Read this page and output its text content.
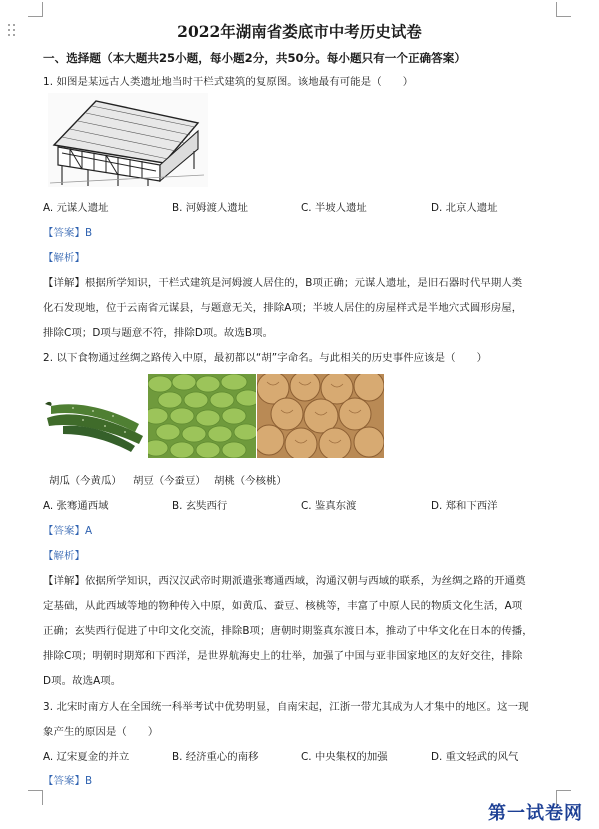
2022年湖南省娄底市中考历史试卷
一、选择题（本大题共25小题，每小题2分，共50分。每小题只有一个正确答案）
1. 如图是某远古人类遗址地当时干栏式建筑的复原图。该地最有可能是（　　）
A. 元谋人遗址	B. 河姆渡人遗址	C. 半坡人遗址	D. 北京人遗址
【答案】B
【解析】
【详解】根据所学知识，干栏式建筑是河姆渡人居住的，B项正确；元谋人遗址，是旧石器时代早期人类
化石发现地，位于云南省元谋县，与题意无关，排除A项；半坡人居住的房屋样式是半地穴式圆形房屋，
排除C项；D项与题意不符，排除D项。故选B项。
2. 以下食物通过丝绸之路传入中原，最初都以“胡”字命名。与此相关的历史事件应该是（　　）
胡瓜（今黄瓜） 胡豆（今蚕豆） 胡桃（今核桃）
A. 张骞通西域	B. 玄奘西行	C. 鉴真东渡	D. 郑和下西洋
【答案】A
【解析】
【详解】依据所学知识，西汉汉武帝时期派遣张骞通西域，沟通汉朝与西域的联系，为丝绸之路的开通奠
定基础，从此西域等地的物种传入中原，如黄瓜、蚕豆、核桃等，丰富了中原人民的物质文化生活，A项
正确；玄奘西行促进了中印文化交流，排除B项；唐朝时期鉴真东渡日本，推动了中华文化在日本的传播，
排除C项；明朝时期郑和下西洋，是世界航海史上的壮举，加强了中国与亚非国家地区的友好交往，排除
D项。故选A项。
3. 北宋时南方人在全国统一科举考试中优势明显，自南宋起，江浙一带尤其成为人才集中的地区。这一现
象产生的原因是（　　）
A. 辽宋夏金的并立	B. 经济重心的南移	C. 中央集权的加强	D. 重文轻武的风气
【答案】B
第一试卷网
